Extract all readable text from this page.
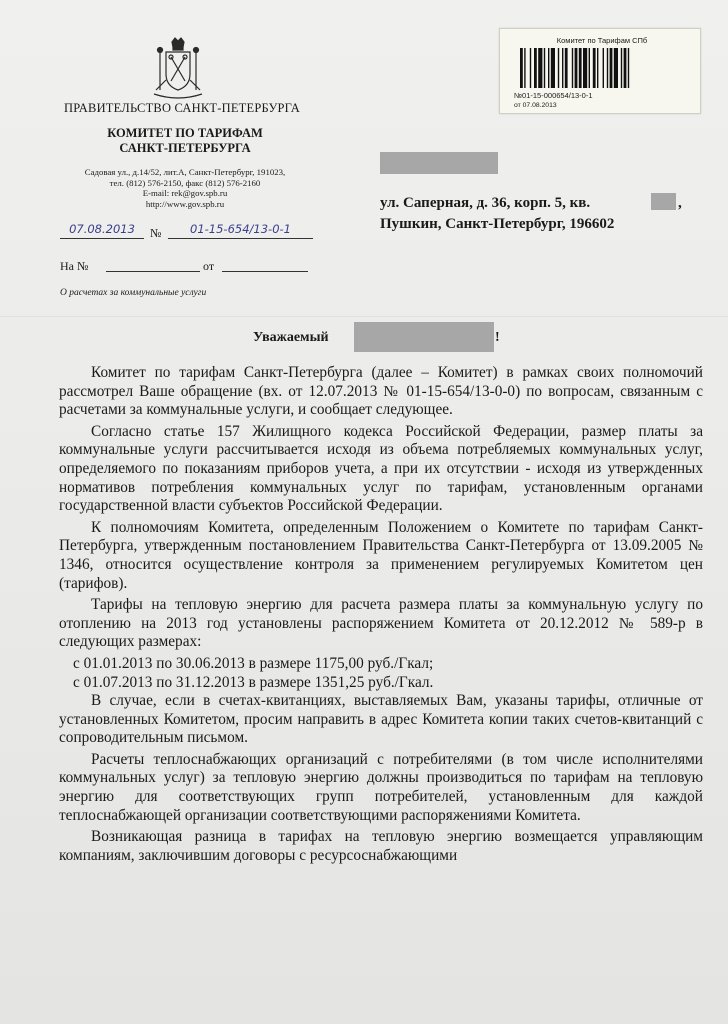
ПРАВИТЕЛЬСТВО САНКТ-ПЕТЕРБУРГА
КОМИТЕТ ПО ТАРИФАМ
САНКТ-ПЕТЕРБУРГА
Садовая ул., д.14/52, лит.А, Санкт-Петербург, 191023,
тел. (812) 576-2150, факс (812) 576-2160
E-mail: rek@gov.spb.ru
http://www.gov.spb.ru
07.08.2013	№	01-15-654/13-0-1
На №	от
О расчетах за коммунальные услуги
Комитет по Тарифам СПб
№01-15-000654/13-0-1
от 07.08.2013
ул. Саперная, д. 36, корп. 5, кв.	,
Пушкин, Санкт-Петербург, 196602
Уважаемый	!

Комитет по тарифам Санкт-Петербурга (далее – Комитет) в рамках своих полномочий рассмотрел Ваше обращение (вх. от 12.07.2013 № 01-15-654/13-0-0) по вопросам, связанным с расчетами за коммунальные услуги, и сообщает следующее.

Согласно статье 157 Жилищного кодекса Российской Федерации, размер платы за коммунальные услуги рассчитывается исходя из объема потребляемых коммунальных услуг, определяемого по показаниям приборов учета, а при их отсутствии - исходя из утвержденных нормативов потребления коммунальных услуг по тарифам, установленным органами государственной власти субъектов Российской Федерации.

К полномочиям Комитета, определенным Положением о Комитете по тарифам Санкт-Петербурга, утвержденным постановлением Правительства Санкт-Петербурга от 13.09.2005 № 1346, относится осуществление контроля за применением регулируемых Комитетом цен (тарифов).

Тарифы на тепловую энергию для расчета размера платы за коммунальную услугу по отоплению на 2013 год установлены распоряжением Комитета от 20.12.2012 № 589-р в следующих размерах:

с 01.01.2013 по 30.06.2013 в размере 1175,00 руб./Гкал;

с 01.07.2013 по 31.12.2013 в размере 1351,25 руб./Гкал.

В случае, если в счетах-квитанциях, выставляемых Вам, указаны тарифы, отличные от установленных Комитетом, просим направить в адрес Комитета копии таких счетов-квитанций с сопроводительным письмом.

Расчеты теплоснабжающих организаций с потребителями (в том числе исполнителями коммунальных услуг) за тепловую энергию должны производиться по тарифам на тепловую энергию для соответствующих групп потребителей, установленным для каждой теплоснабжающей организации соответствующими распоряжениями Комитета.

Возникающая разница в тарифах на тепловую энергию возмещается управляющим компаниям, заключившим договоры с ресурсоснабжающими
